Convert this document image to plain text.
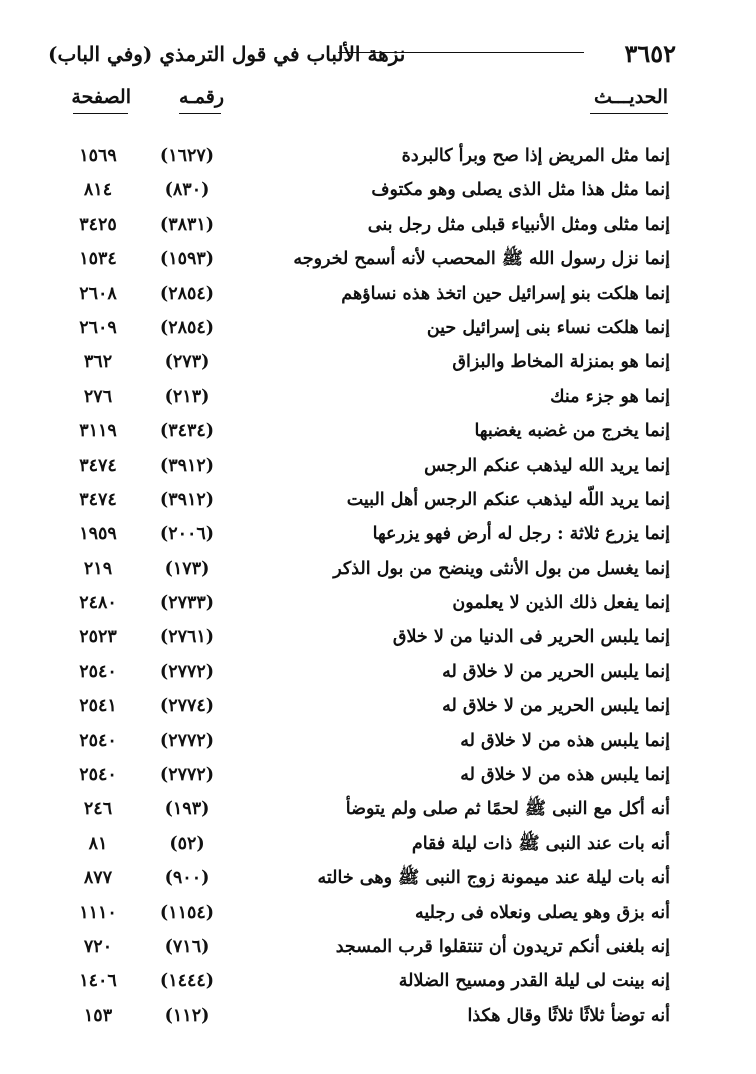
٣٦٥٢
نزهة الألباب في قول الترمذي (وفي الباب)
الحديـــث
رقمـه
الصفحة
إنما مثل المريض إذا صح وبرأ كالبردة
(١٦٢٧)
١٥٦٩
إنما مثل هذا مثل الذى يصلى وهو مكتوف
(٨٣٠)
٨١٤
إنما مثلى ومثل الأنبياء قبلى مثل رجل بنى
(٣٨٣١)
٣٤٢٥
إنما نزل رسول الله ﷺ المحصب لأنه أسمح لخروجه
(١٥٩٣)
١٥٣٤
إنما هلكت بنو إسرائيل حين اتخذ هذه نساؤهم
(٢٨٥٤)
٢٦٠٨
إنما هلكت نساء بنى إسرائيل حين
(٢٨٥٤)
٢٦٠٩
إنما هو بمنزلة المخاط والبزاق
(٢٧٣)
٣٦٢
إنما هو جزء منك
(٢١٣)
٢٧٦
إنما يخرج من غضبه يغضبها
(٣٤٣٤)
٣١١٩
إنما يريد الله ليذهب عنكم الرجس
(٣٩١٢)
٣٤٧٤
إنما يريد اللّه ليذهب عنكم الرجس أهل البيت
(٣٩١٢)
٣٤٧٤
إنما يزرع ثلاثة : رجل له أرض فهو يزرعها
(٢٠٠٦)
١٩٥٩
إنما يغسل من بول الأنثى وينضح من بول الذكر
(١٧٣)
٢١٩
إنما يفعل ذلك الذين لا يعلمون
(٢٧٣٣)
٢٤٨٠
إنما يلبس الحرير فى الدنيا من لا خلاق
(٢٧٦١)
٢٥٢٣
إنما يلبس الحرير من لا خلاق له
(٢٧٧٢)
٢٥٤٠
إنما يلبس الحرير من لا خلاق له
(٢٧٧٤)
٢٥٤١
إنما يلبس هذه من لا خلاق له
(٢٧٧٢)
٢٥٤٠
إنما يلبس هذه من لا خلاق له
(٢٧٧٢)
٢٥٤٠
أنه أكل مع النبى ﷺ لحمًا ثم صلى ولم يتوضأ
(١٩٣)
٢٤٦
أنه بات عند النبى ﷺ ذات ليلة فقام
(٥٢)
٨١
أنه بات ليلة عند ميمونة زوج النبى ﷺ وهى خالته
(٩٠٠)
٨٧٧
أنه بزق وهو يصلى ونعلاه فى رجليه
(١١٥٤)
١١١٠
إنه بلغنى أنكم تريدون أن تنتقلوا قرب المسجد
(٧١٦)
٧٢٠
إنه بينت لى ليلة القدر ومسيح الضلالة
(١٤٤٤)
١٤٠٦
أنه توضأ ثلاثًا ثلاثًا وقال هكذا
(١١٢)
١٥٣
